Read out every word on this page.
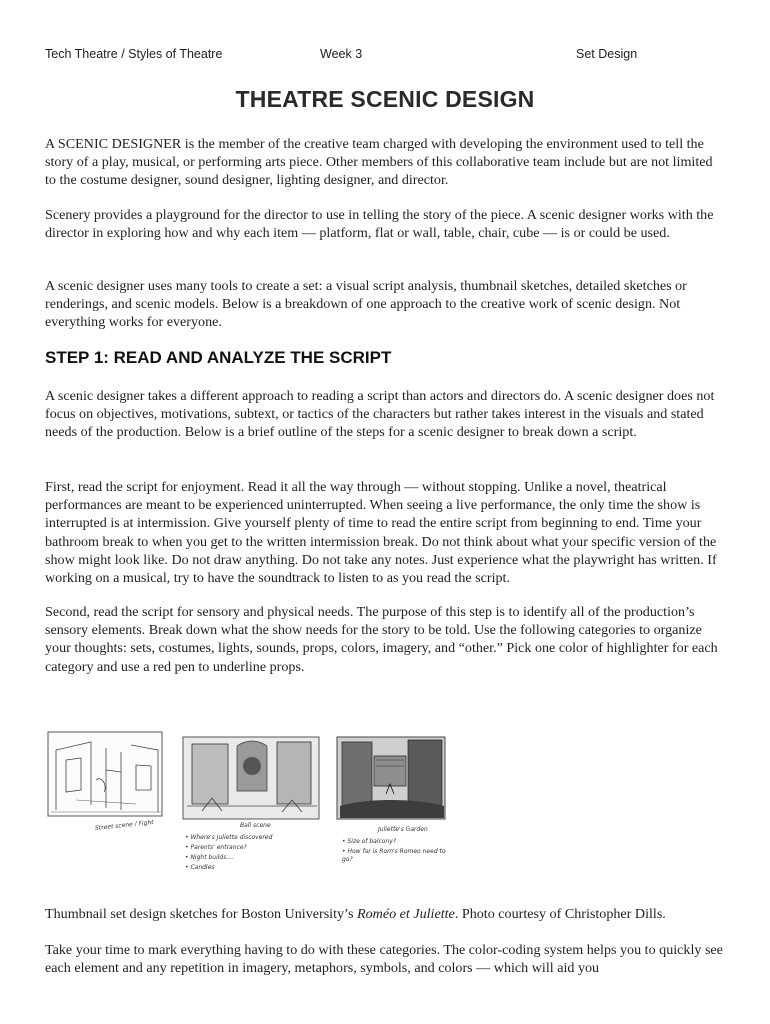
Tech Theatre / Styles of Theatre	Week 3	Set Design
THEATRE SCENIC DESIGN

A SCENIC DESIGNER is the member of the creative team charged with developing the environment used to tell the story of a play, musical, or performing arts piece. Other members of this collaborative team include but are not limited to the costume designer, sound designer, lighting designer, and director.

Scenery provides a playground for the director to use in telling the story of the piece. A scenic designer works with the director in exploring how and why each item — platform, flat or wall, table, chair, cube — is or could be used.

A scenic designer uses many tools to create a set: a visual script analysis, thumbnail sketches, detailed sketches or renderings, and scenic models. Below is a breakdown of one approach to the creative work of scenic design. Not everything works for everyone.

STEP 1: READ AND ANALYZE THE SCRIPT

A scenic designer takes a different approach to reading a script than actors and directors do. A scenic designer does not focus on objectives, motivations, subtext, or tactics of the characters but rather takes interest in the visuals and stated needs of the production. Below is a brief outline of the steps for a scenic designer to break down a script.

First, read the script for enjoyment. Read it all the way through — without stopping. Unlike a novel, theatrical performances are meant to be experienced uninterrupted. When seeing a live performance, the only time the show is interrupted is at intermission. Give yourself plenty of time to read the entire script from beginning to end. Time your bathroom break to when you get to the written intermission break. Do not think about what your specific version of the show might look like. Do not draw anything. Do not take any notes. Just experience what the playwright has written. If working on a musical, try to have the soundtrack to listen to as you read the script.

Second, read the script for sensory and physical needs. The purpose of this step is to identify all of the production’s sensory elements. Break down what the show needs for the story to be told. Use the following categories to organize your thoughts: sets, costumes, lights, sounds, props, colors, imagery, and “other.” Pick one color of highlighter for each category and use a red pen to underline props.

Street scene / Fight	Ball scene
• Where's Juliette discovered
• Parents' entrance?
• Night builds....
• Candles
Juliette's Garden
• Size of balcony?
• How far is Rom's Romeo need to go?

Thumbnail set design sketches for Boston University’s Roméo et Juliette. Photo courtesy of Christopher Dills.

Take your time to mark everything having to do with these categories. The color-coding system helps you to quickly see each element and any repetition in imagery, metaphors, symbols, and colors — which will aid you
